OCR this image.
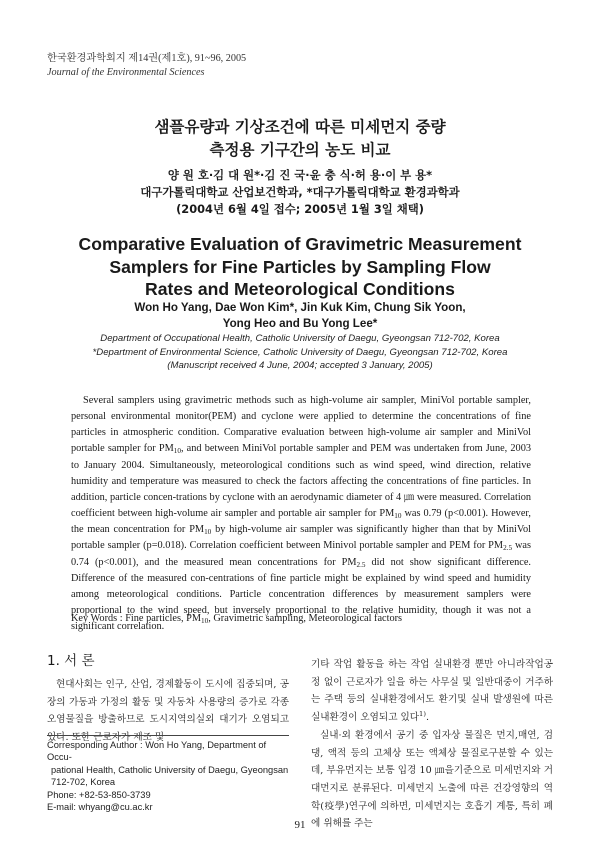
한국환경과학회지 제14권(제1호), 91~96, 2005
Journal of the Environmental Sciences
샘플유량과 기상조건에 따른 미세먼지 중량
측정용 기구간의 농도 비교
양 원 호·김 대 원*·김 진 국·윤 충 식·허 용·이 부 용*
대구가톨릭대학교 산업보건학과, *대구가톨릭대학교 환경과학과
(2004년 6월 4일 접수; 2005년 1월 3일 채택)
Comparative Evaluation of Gravimetric Measurement
Samplers for Fine Particles by Sampling Flow
Rates and Meteorological Conditions
Won Ho Yang, Dae Won Kim*, Jin Kuk Kim, Chung Sik Yoon,
Yong Heo and Bu Yong Lee*
Department of Occupational Health, Catholic University of Daegu, Gyeongsan 712-702, Korea
*Department of Environmental Science, Catholic University of Daegu, Gyeongsan 712-702, Korea
(Manuscript received 4 June, 2004; accepted 3 January, 2005)

Several samplers using gravimetric methods such as high-volume air sampler, MiniVol portable sampler, personal environmental monitor(PEM) and cyclone were applied to determine the concentrations of fine particles in atmospheric condition. Comparative evaluation between high-volume air sampler and MiniVol portable sampler for $PM_{10}$, and between MiniVol portable sampler and PEM was undertaken from June, 2003 to January 2004. Simultaneously, meteorological conditions such as wind speed, wind direction, relative humidity and temperature was measured to check the factors affecting the concentrations of fine particles. In addition, particle concen-trations by cyclone with an aerodynamic diameter of 4 ㎛ were measured. Correlation coefficient between high-volume air sampler and portable air sampler for $PM_{10}$ was 0.79 (p<0.001). However, the mean concentration for $PM_{10}$ by high-volume air sampler was significantly higher than that by MiniVol portable sampler (p=0.018). Correlation coefficient between Minivol portable sampler and PEM for $PM_{2.5}$ was 0.74 (p<0.001), and the measured mean concentrations for $PM_{2.5}$ did not show significant difference. Difference of the measured con-centrations of fine particle might be explained by wind speed and humidity among meteorological conditions. Particle concentration differences by measurement samplers were proportional to the wind speed, but inversely proportional to the relative humidity, though it was not a significant correlation.

Key Words : Fine particles, $PM_{10}$, Gravimetric sampling, Meteorological factors
1. 서 론

현대사회는 인구, 산업, 경제활동이 도시에 집중되며, 공장의 가동과 가정의 활동 및 자동차 사용량의 증가로 각종 오염물질을 방출하므로 도시지역의실외 대기가 오염되고 있다. 또한 근로자가 제조 및

기타 작업 활동을 하는 작업 실내환경 뿐만 아니라작업공정 없이 근로자가 일을 하는 사무실 및 일반대중이 거주하는 주택 등의 실내환경에서도 환기및 실내 발생원에 따른 실내환경이 오염되고 있다$^{1)}$.

실내·외 환경에서 공기 중 입자상 물질은 먼지,매연, 검댕, 액적 등의 고체상 또는 액체상 물질로구분할 수 있는데, 부유먼지는 보통 입경 10 ㎛을기준으로 미세먼지와 거대먼지로 분류된다. 미세먼지 노출에 따른 건강영향의 역학(疫學)연구에 의하면, 미세먼지는 호흡기 계통, 특히 폐에 위해를 주는

Corresponding Author : Won Ho Yang, Department of Occu-
pational Health, Catholic University of Daegu, Gyeongsan
712-702, Korea
Phone: +82-53-850-3739
E-mail: whyang@cu.ac.kr
91
